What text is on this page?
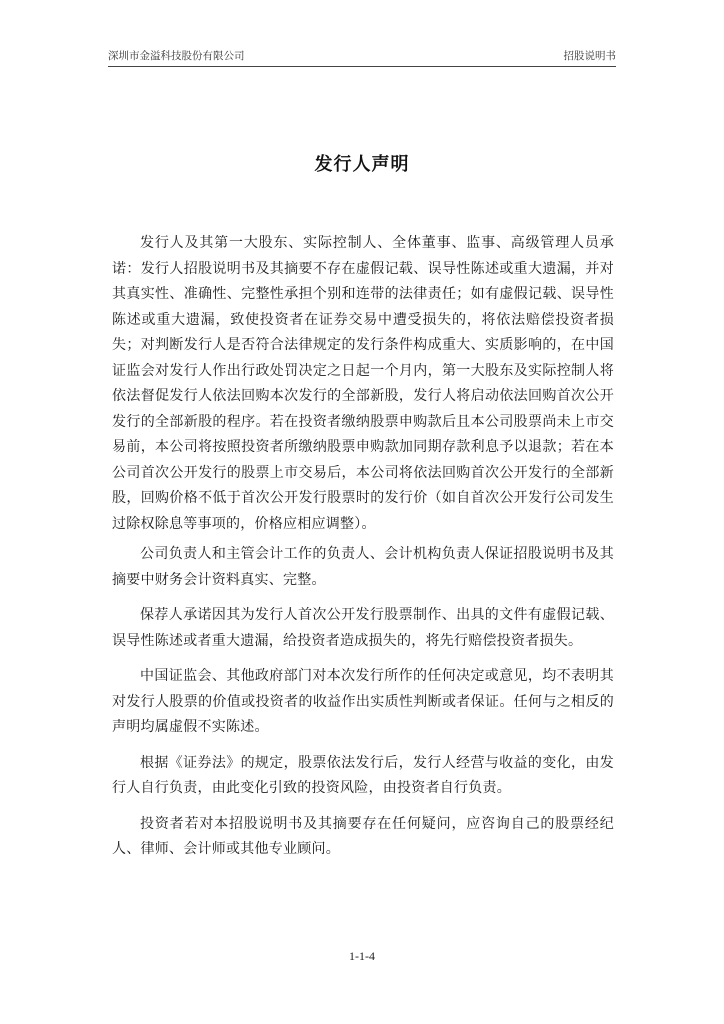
深圳市金溢科技股份有限公司	招股说明书
发行人声明

发行人及其第一大股东、实际控制人、全体董事、监事、高级管理人员承诺：发行人招股说明书及其摘要不存在虚假记载、误导性陈述或重大遗漏，并对其真实性、准确性、完整性承担个别和连带的法律责任；如有虚假记载、误导性陈述或重大遗漏，致使投资者在证券交易中遭受损失的，将依法赔偿投资者损失；对判断发行人是否符合法律规定的发行条件构成重大、实质影响的，在中国证监会对发行人作出行政处罚决定之日起一个月内，第一大股东及实际控制人将依法督促发行人依法回购本次发行的全部新股，发行人将启动依法回购首次公开发行的全部新股的程序。若在投资者缴纳股票申购款后且本公司股票尚未上市交易前，本公司将按照投资者所缴纳股票申购款加同期存款利息予以退款；若在本公司首次公开发行的股票上市交易后，本公司将依法回购首次公开发行的全部新股，回购价格不低于首次公开发行股票时的发行价（如自首次公开发行公司发生过除权除息等事项的，价格应相应调整）。

公司负责人和主管会计工作的负责人、会计机构负责人保证招股说明书及其摘要中财务会计资料真实、完整。

保荐人承诺因其为发行人首次公开发行股票制作、出具的文件有虚假记载、误导性陈述或者重大遗漏，给投资者造成损失的，将先行赔偿投资者损失。

中国证监会、其他政府部门对本次发行所作的任何决定或意见，均不表明其对发行人股票的价值或投资者的收益作出实质性判断或者保证。任何与之相反的声明均属虚假不实陈述。

根据《证券法》的规定，股票依法发行后，发行人经营与收益的变化，由发行人自行负责，由此变化引致的投资风险，由投资者自行负责。

投资者若对本招股说明书及其摘要存在任何疑问，应咨询自己的股票经纪人、律师、会计师或其他专业顾问。

1-1-4
